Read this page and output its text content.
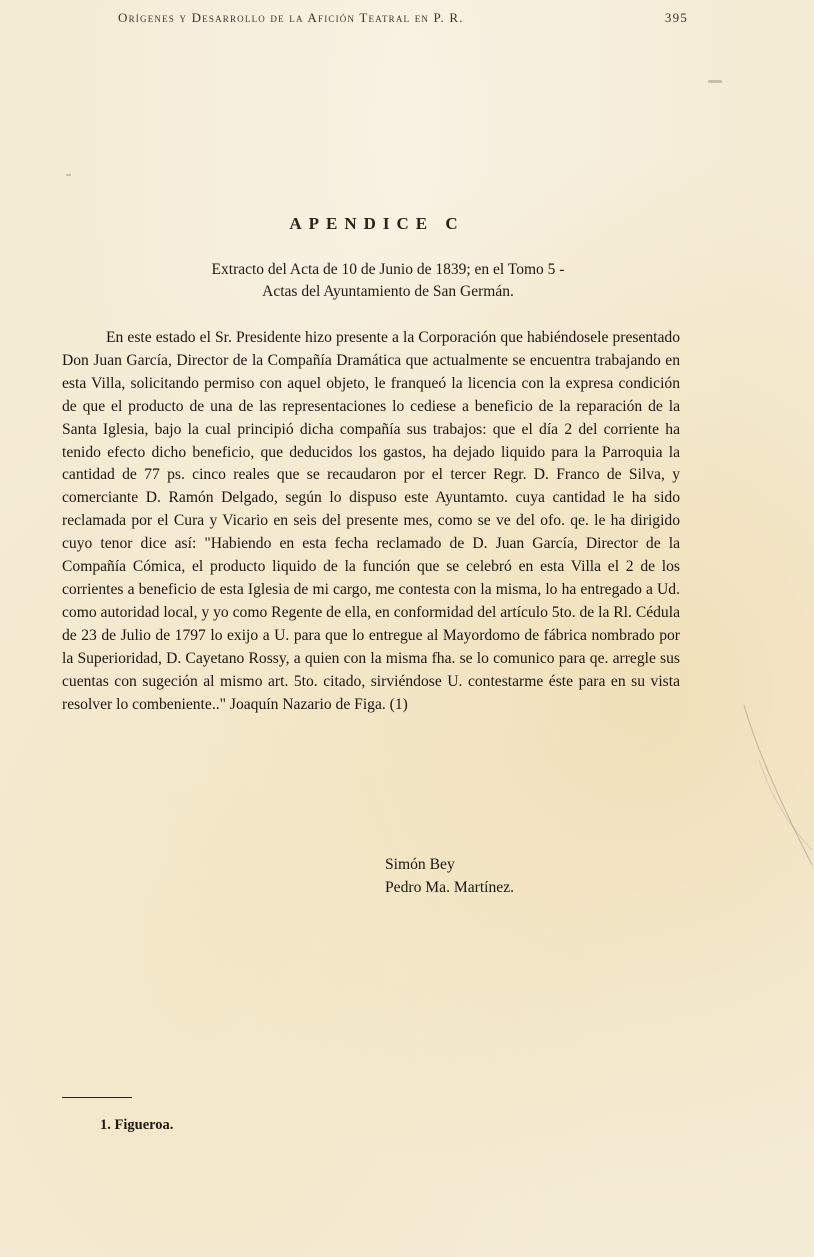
Orígenes y Desarrollo de la Afición Teatral en P. R.	395
APENDICE C
Extracto del Acta de 10 de Junio de 1839; en el Tomo 5 -
Actas del Ayuntamiento de San Germán.

En este estado el Sr. Presidente hizo presente a la Corporación que habiéndosele presentado Don Juan García, Director de la Compañía Dramática que actualmente se encuentra trabajando en esta Villa, solicitando permiso con aquel objeto, le franqueó la licencia con la expresa condición de que el producto de una de las representaciones lo cediese a beneficio de la reparación de la Santa Iglesia, bajo la cual principió dicha compañía sus trabajos: que el día 2 del corriente ha tenido efecto dicho beneficio, que deducidos los gastos, ha dejado liquido para la Parroquia la cantidad de 77 ps. cinco reales que se recaudaron por el tercer Regr. D. Franco de Silva, y comerciante D. Ramón Delgado, según lo dispuso este Ayuntamto. cuya cantidad le ha sido reclamada por el Cura y Vicario en seis del presente mes, como se ve del ofo. qe. le ha dirigido cuyo tenor dice así: "Habiendo en esta fecha reclamado de D. Juan García, Director de la Compañía Cómica, el producto liquido de la función que se celebró en esta Villa el 2 de los corrientes a beneficio de esta Iglesia de mi cargo, me contesta con la misma, lo ha entregado a Ud. como autoridad local, y yo como Regente de ella, en conformidad del artículo 5to. de la Rl. Cédula de 23 de Julio de 1797 lo exijo a U. para que lo entregue al Mayordomo de fábrica nombrado por la Superioridad, D. Cayetano Rossy, a quien con la misma fha. se lo comunico para qe. arregle sus cuentas con sugeción al mismo art. 5to. citado, sirviéndose U. contestarme éste para en su vista resolver lo combeniente.." Joaquín Nazario de Figa. (1)

Simón Bey
Pedro Ma. Martínez.
1. Figueroa.
